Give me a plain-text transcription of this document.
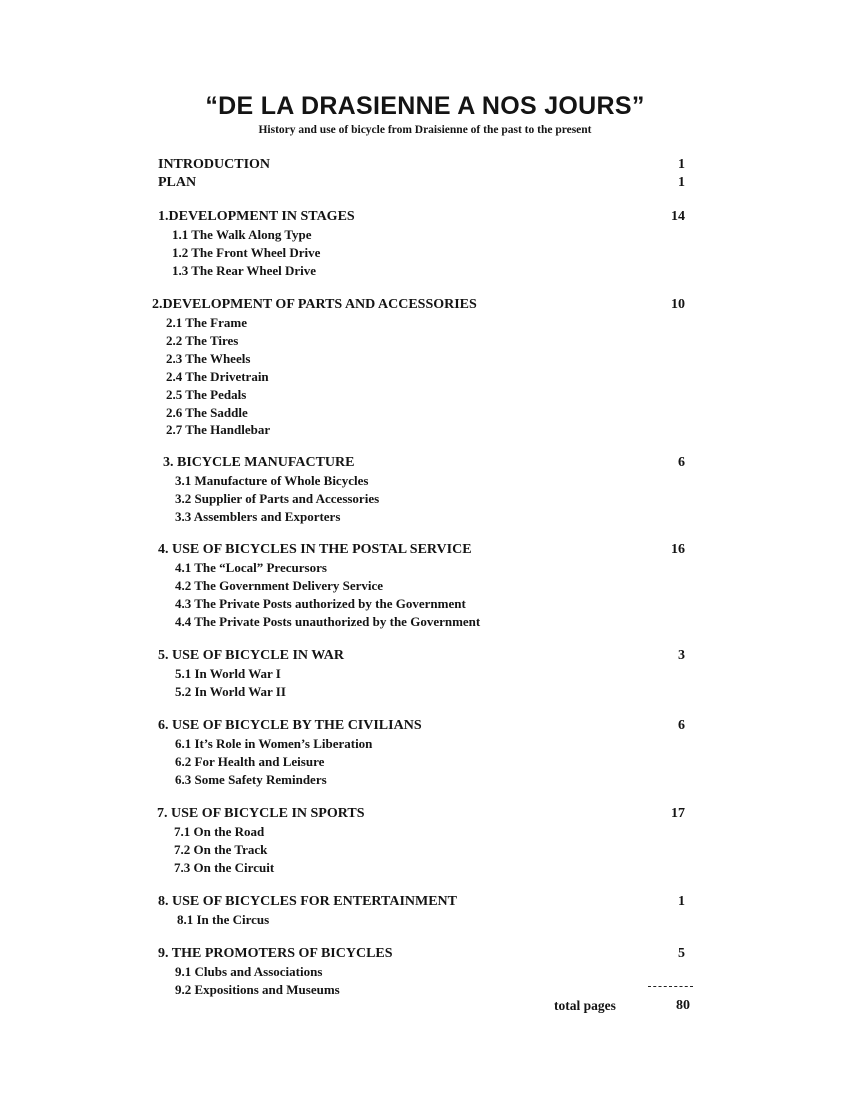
“DE LA DRASIENNE A NOS JOURS”
History and use of bicycle from Draisienne of the past to the present
INTRODUCTION	1
PLAN	1
1.DEVELOPMENT IN STAGES	14
1.1 The Walk Along Type
1.2 The Front Wheel Drive
1.3 The Rear Wheel Drive
2.DEVELOPMENT OF PARTS AND ACCESSORIES	10
2.1 The Frame
2.2 The Tires
2.3 The Wheels
2.4 The Drivetrain
2.5 The Pedals
2.6 The Saddle
2.7 The Handlebar
3. BICYCLE MANUFACTURE	6
3.1 Manufacture of Whole Bicycles
3.2 Supplier of Parts and Accessories
3.3 Assemblers and Exporters
4. USE OF BICYCLES IN THE POSTAL SERVICE	16
4.1 The “Local” Precursors
4.2 The Government Delivery Service
4.3 The Private Posts authorized by the Government
4.4 The Private Posts unauthorized by the Government
5. USE OF BICYCLE IN WAR	3
5.1 In World War I
5.2 In World War II
6. USE OF BICYCLE BY THE CIVILIANS	6
6.1 It’s Role in Women’s Liberation
6.2 For Health and Leisure
6.3 Some Safety Reminders
7. USE OF BICYCLE IN SPORTS	17
7.1 On the Road
7.2 On the Track
7.3 On the Circuit
8. USE OF BICYCLES FOR ENTERTAINMENT	1
8.1 In the Circus
9. THE PROMOTERS OF BICYCLES	5
9.1 Clubs and Associations
9.2 Expositions and Museums
total pages	80
